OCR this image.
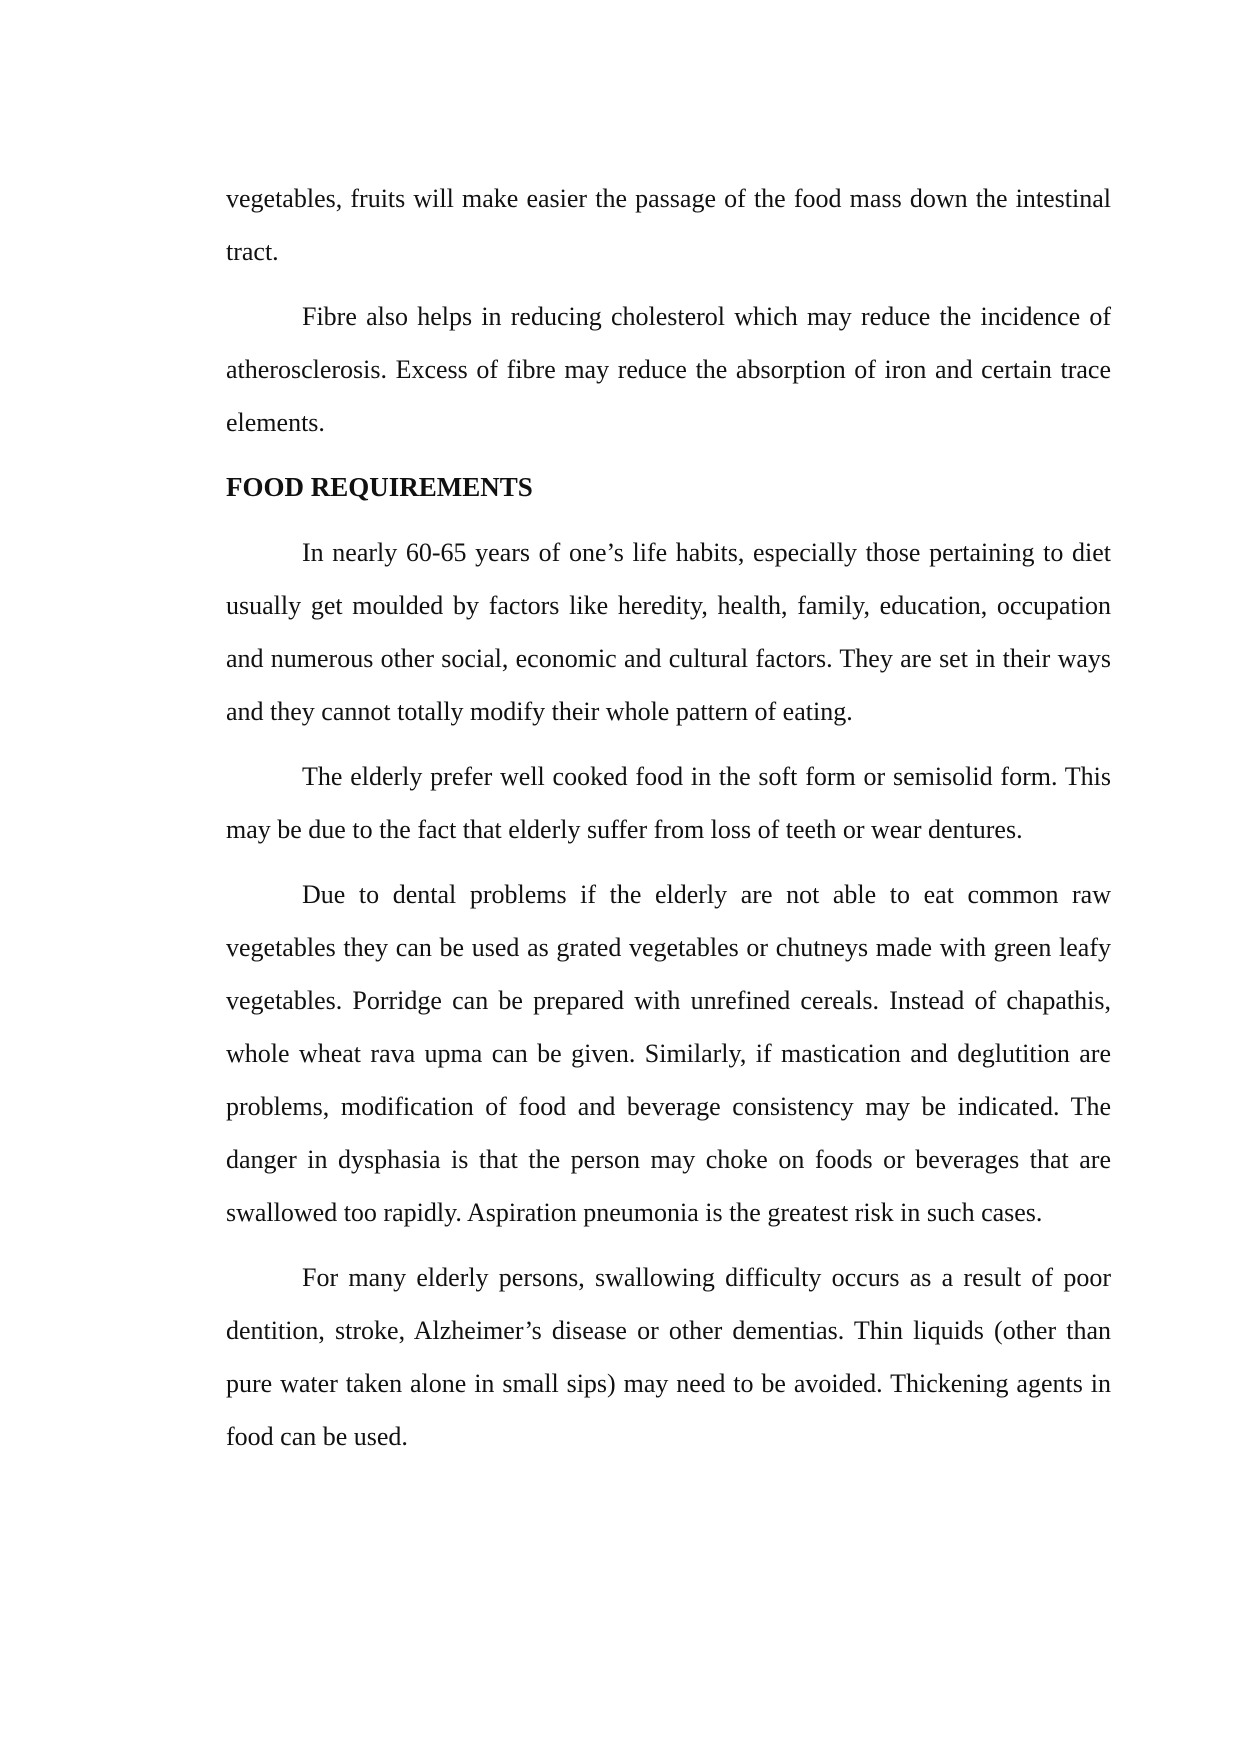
vegetables, fruits will make easier the passage of the food mass down the intestinal tract.

Fibre also helps in reducing cholesterol which may reduce the incidence of atherosclerosis. Excess of fibre may reduce the absorption of iron and certain trace elements.

FOOD REQUIREMENTS

In nearly 60-65 years of one’s life habits, especially those pertaining to diet usually get moulded by factors like heredity, health, family, education, occupation and numerous other social, economic and cultural factors. They are set in their ways and they cannot totally modify their whole pattern of eating.

The elderly prefer well cooked food in the soft form or semisolid form. This may be due to the fact that elderly suffer from loss of teeth or wear dentures.

Due to dental problems if the elderly are not able to eat common raw vegetables they can be used as grated vegetables or chutneys made with green leafy vegetables. Porridge can be prepared with unrefined cereals. Instead of chapathis, whole wheat rava upma can be given. Similarly, if mastication and deglutition are problems, modification of food and beverage consistency may be indicated. The danger in dysphasia is that the person may choke on foods or beverages that are swallowed too rapidly. Aspiration pneumonia is the greatest risk in such cases.

For many elderly persons, swallowing difficulty occurs as a result of poor dentition, stroke, Alzheimer’s disease or other dementias. Thin liquids (other than pure water taken alone in small sips) may need to be avoided. Thickening agents in food can be used.
